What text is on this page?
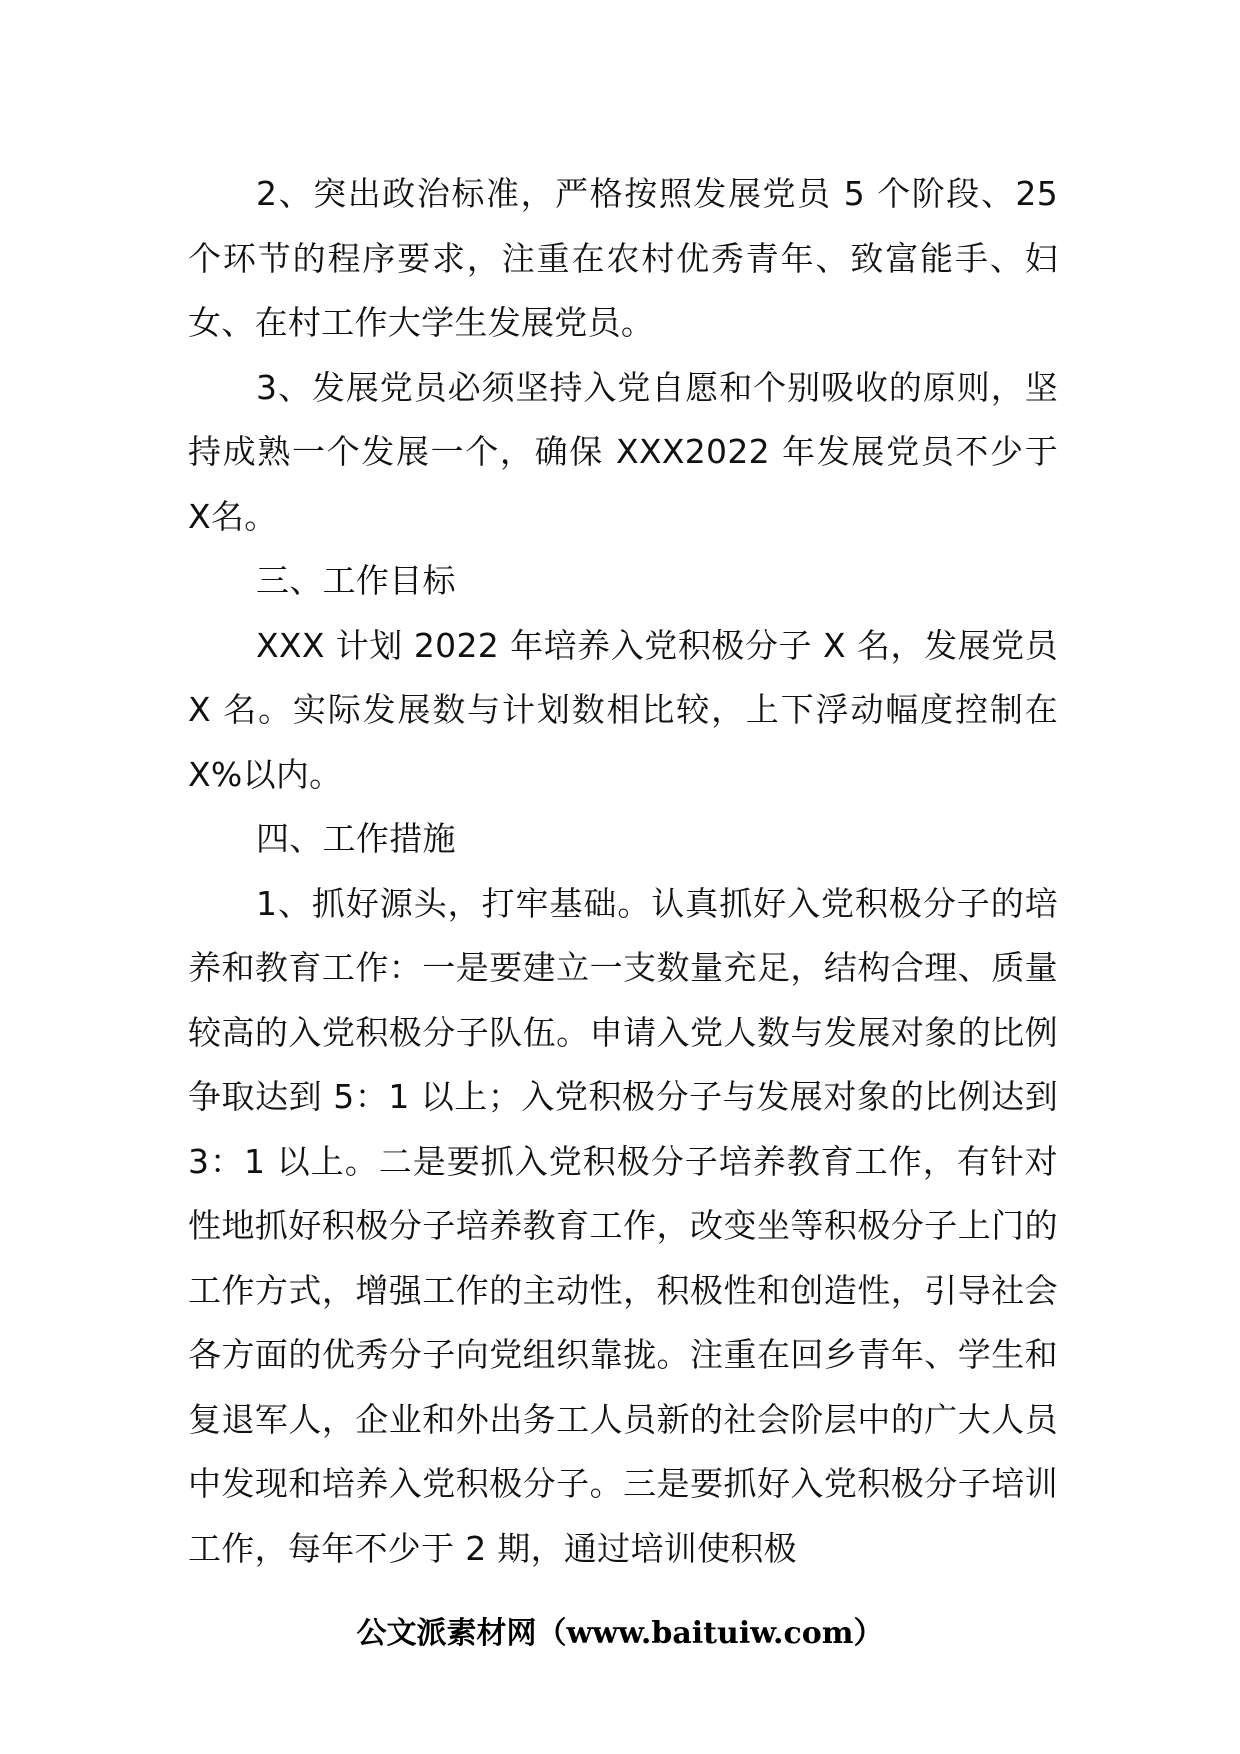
2、突出政治标准，严格按照发展党员 5 个阶段、25个环节的程序要求，注重在农村优秀青年、致富能手、妇女、在村工作大学生发展党员。

3、发展党员必须坚持入党自愿和个别吸收的原则，坚持成熟一个发展一个，确保 XXX2022 年发展党员不少于 X名。

三、工作目标

XXX 计划 2022 年培养入党积极分子 X 名，发展党员X 名。实际发展数与计划数相比较，上下浮动幅度控制在 X%以内。

四、工作措施

1、抓好源头，打牢基础。认真抓好入党积极分子的培养和教育工作：一是要建立一支数量充足，结构合理、质量较高的入党积极分子队伍。申请入党人数与发展对象的比例争取达到 5：1 以上；入党积极分子与发展对象的比例达到 3：1 以上。二是要抓入党积极分子培养教育工作，有针对性地抓好积极分子培养教育工作，改变坐等积极分子上门的工作方式，增强工作的主动性，积极性和创造性，引导社会各方面的优秀分子向党组织靠拢。注重在回乡青年、学生和复退军人，企业和外出务工人员新的社会阶层中的广大人员中发现和培养入党积极分子。三是要抓好入党积极分子培训工作，每年不少于 2 期，通过培训使积极

公文派素材网（www.baituiw.com）
